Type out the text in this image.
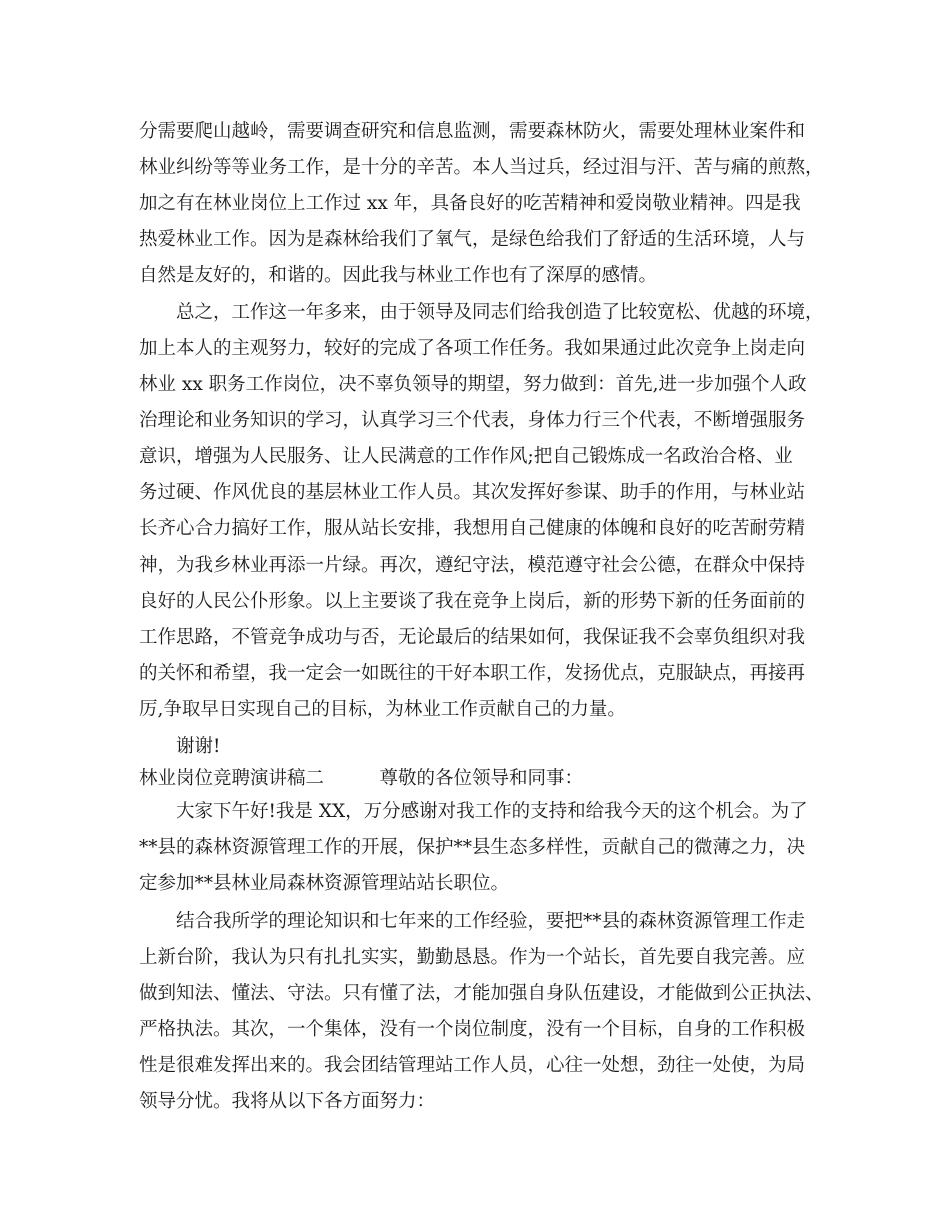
分需要爬山越岭，需要调查研究和信息监测，需要森林防火，需要处理林业案件和
林业纠纷等等业务工作，是十分的辛苦。本人当过兵，经过泪与汗、苦与痛的煎熬，
加之有在林业岗位上工作过 xx 年，具备良好的吃苦精神和爱岗敬业精神。四是我
热爱林业工作。因为是森林给我们了氧气，是绿色给我们了舒适的生活环境，人与
自然是友好的，和谐的。因此我与林业工作也有了深厚的感情。
总之，工作这一年多来，由于领导及同志们给我创造了比较宽松、优越的环境，
加上本人的主观努力，较好的完成了各项工作任务。我如果通过此次竞争上岗走向
林业 xx 职务工作岗位，决不辜负领导的期望，努力做到：首先,进一步加强个人政
治理论和业务知识的学习，认真学习三个代表，身体力行三个代表，不断增强服务
意识，增强为人民服务、让人民满意的工作作风;把自己锻炼成一名政治合格、业
务过硬、作风优良的基层林业工作人员。其次发挥好参谋、助手的作用，与林业站
长齐心合力搞好工作，服从站长安排，我想用自己健康的体魄和良好的吃苦耐劳精
神，为我乡林业再添一片绿。再次，遵纪守法，模范遵守社会公德，在群众中保持
良好的人民公仆形象。以上主要谈了我在竞争上岗后，新的形势下新的任务面前的
工作思路，不管竞争成功与否，无论最后的结果如何，我保证我不会辜负组织对我
的关怀和希望，我一定会一如既往的干好本职工作，发扬优点，克服缺点，再接再
厉,争取早日实现自己的目标，为林业工作贡献自己的力量。
谢谢!
林业岗位竞聘演讲稿二　　　尊敬的各位领导和同事：
大家下午好!我是 XX，万分感谢对我工作的支持和给我今天的这个机会。为了
**县的森林资源管理工作的开展，保护**县生态多样性，贡献自己的微薄之力，决
定参加**县林业局森林资源管理站站长职位。
结合我所学的理论知识和七年来的工作经验，要把**县的森林资源管理工作走
上新台阶，我认为只有扎扎实实，勤勤恳恳。作为一个站长，首先要自我完善。应
做到知法、懂法、守法。只有懂了法，才能加强自身队伍建设，才能做到公正执法、
严格执法。其次，一个集体，没有一个岗位制度，没有一个目标，自身的工作积极
性是很难发挥出来的。我会团结管理站工作人员，心往一处想，劲往一处使，为局
领导分忧。我将从以下各方面努力：
